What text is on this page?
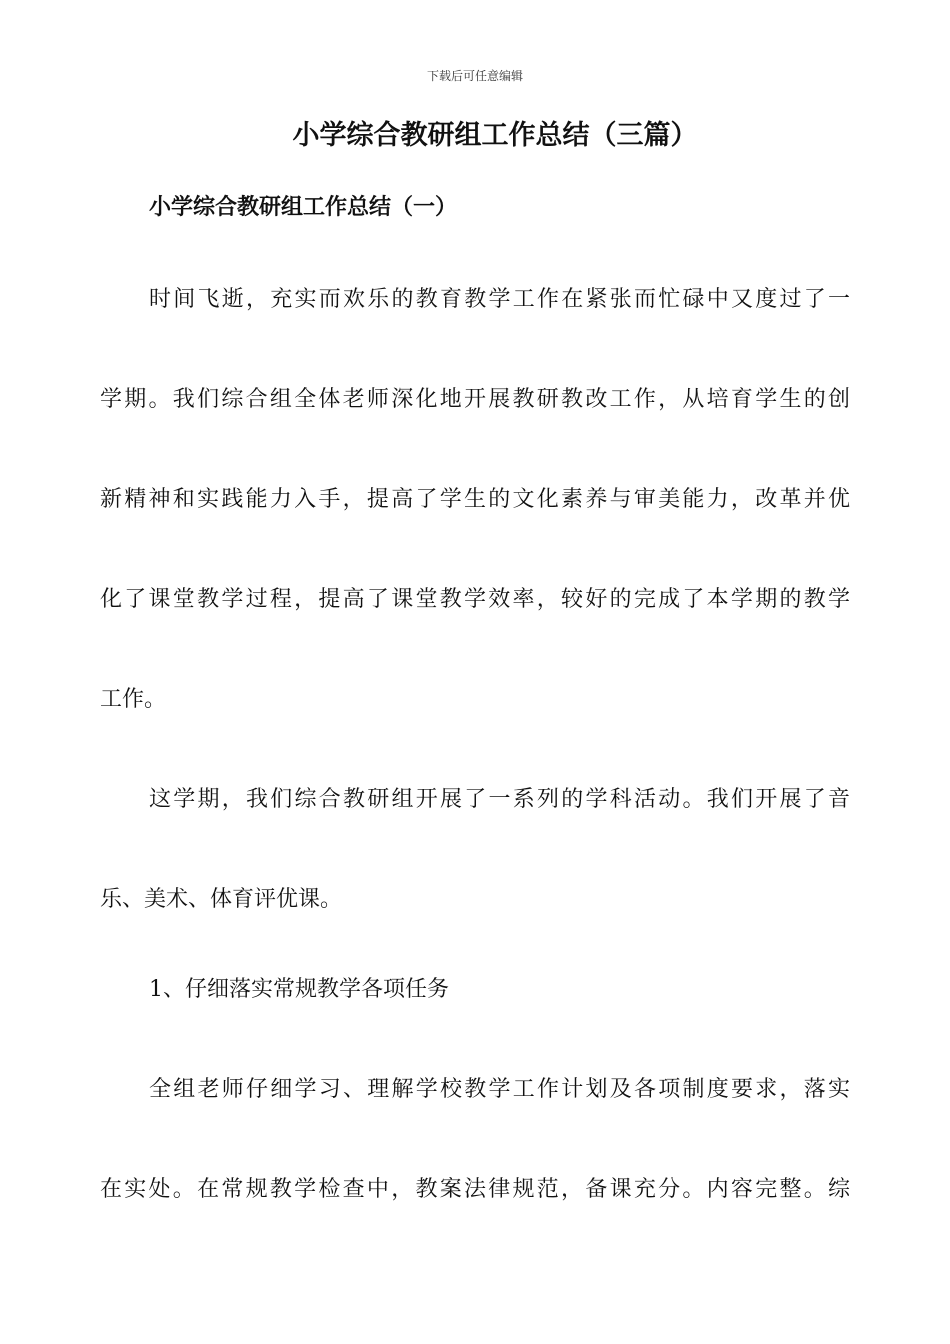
下载后可任意编辑
小学综合教研组工作总结（三篇）
小学综合教研组工作总结（一）
时间飞逝，充实而欢乐的教育教学工作在紧张而忙碌中又度过了一
学期。我们综合组全体老师深化地开展教研教改工作，从培育学生的创
新精神和实践能力入手，提高了学生的文化素养与审美能力，改革并优
化了课堂教学过程，提高了课堂教学效率，较好的完成了本学期的教学
工作。
这学期，我们综合教研组开展了一系列的学科活动。我们开展了音
乐、美术、体育评优课。
1、仔细落实常规教学各项任务
全组老师仔细学习、理解学校教学工作计划及各项制度要求，落实
在实处。在常规教学检查中，教案法律规范，备课充分。内容完整。综
